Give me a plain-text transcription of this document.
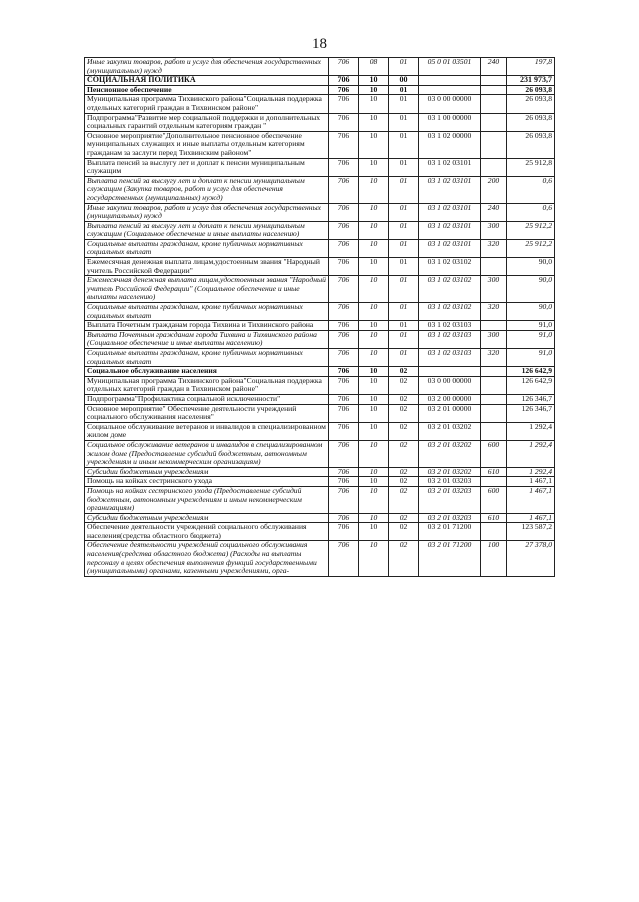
18
Иные закупки товаров, работ и услуг для обеспечения государственных (муниципальных) нужд	706	08	01	05 0 01 03501	240	197,8
СОЦИАЛЬНАЯ ПОЛИТИКА	706	10	00			231 973,7
Пенсионное обеспечение	706	10	01			26 093,8
Муниципальная программа Тихвинского района"Социальная поддержка отдельных категорий граждан в Тихвинском районе"	706	10	01	03 0 00 00000		26 093,8
Подпрограмма"Развитие мер социальной поддержки и дополнительных социальных гарантий отдельным категориям граждан "	706	10	01	03 1 00 00000		26 093,8
Основное мероприятие"Дополнительное пенсионное обеспечение муниципальных служащих и иные выплаты отдельным категориям гражданам за заслуги перед Тихвинским районом"	706	10	01	03 1 02 00000		26 093,8
Выплата пенсий за выслугу лет и доплат к пенсии муниципальным служащим	706	10	01	03 1 02 03101		25 912,8
Выплата пенсий за выслугу лет и доплат к пенсии муниципальным служащим (Закупка товаров, работ и услуг для обеспечения государственных (муниципальных) нужд)	706	10	01	03 1 02 03101	200	0,6
Иные закупки товаров, работ и услуг для обеспечения государственных (муниципальных) нужд	706	10	01	03 1 02 03101	240	0,6
Выплата пенсий за выслугу лет и доплат к пенсии муниципальным служащим (Социальное обеспечение и иные выплаты населению)	706	10	01	03 1 02 03101	300	25 912,2
Социальные выплаты гражданам, кроме публичных нормативных социальных выплат	706	10	01	03 1 02 03101	320	25 912,2
Ежемесячная денежная выплата лицам,удостоенным звания "Народный учитель Российской Федерации"	706	10	01	03 1 02 03102		90,0
Ежемесячная денежная выплата лицам,удостоенным звания "Народный учитель Российской Федерации" (Социальное обеспечение и иные выплаты населению)	706	10	01	03 1 02 03102	300	90,0
Социальные выплаты гражданам, кроме публичных нормативных социальных выплат	706	10	01	03 1 02 03102	320	90,0
Выплата Почетным гражданам города Тихвина и Тихвинского района	706	10	01	03 1 02 03103		91,0
Выплата Почетным гражданам города Тихвина и Тихвинского района (Социальное обеспечение и иные выплаты населению)	706	10	01	03 1 02 03103	300	91,0
Социальные выплаты гражданам, кроме публичных нормативных социальных выплат	706	10	01	03 1 02 03103	320	91,0
Социальное обслуживание населения	706	10	02			126 642,9
Муниципальная программа Тихвинского района"Социальная поддержка отдельных категорий граждан в Тихвинском районе"	706	10	02	03 0 00 00000		126 642,9
Подпрограмма"Профилактика социальной исключенности"	706	10	02	03 2 00 00000		126 346,7
Основное мероприятие" Обеспечение деятельности учреждений социального обслуживания населения"	706	10	02	03 2 01 00000		126 346,7
Социальное обслуживание ветеранов и инвалидов в специализированном жилом доме	706	10	02	03 2 01 03202		1 292,4
Социальное обслуживание ветеранов и инвалидов в специализированном жилом доме (Предоставление субсидий бюджетным, автономным учреждениям и иным некоммерческим организациям)	706	10	02	03 2 01 03202	600	1 292,4
Субсидии бюджетным учреждениям	706	10	02	03 2 01 03202	610	1 292,4
Помощь на койках сестринского ухода	706	10	02	03 2 01 03203		1 467,1
Помощь на койках сестринского ухода (Предоставление субсидий бюджетным, автономным учреждениям и иным некоммерческим организациям)	706	10	02	03 2 01 03203	600	1 467,1
Субсидии бюджетным учреждениям	706	10	02	03 2 01 03203	610	1 467,1
Обеспечение деятельности учреждений социального обслуживания населения(средства областного бюджета)	706	10	02	03 2 01 71200		123 587,2
Обеспечение деятельности учреждений социального обслуживания населения(средства областного бюджета) (Расходы на выплаты персоналу в целях обеспечения выполнения функций государственными (муниципальными) органами, казенными учреждениями, орга-	706	10	02	03 2 01 71200	100	27 378,0
